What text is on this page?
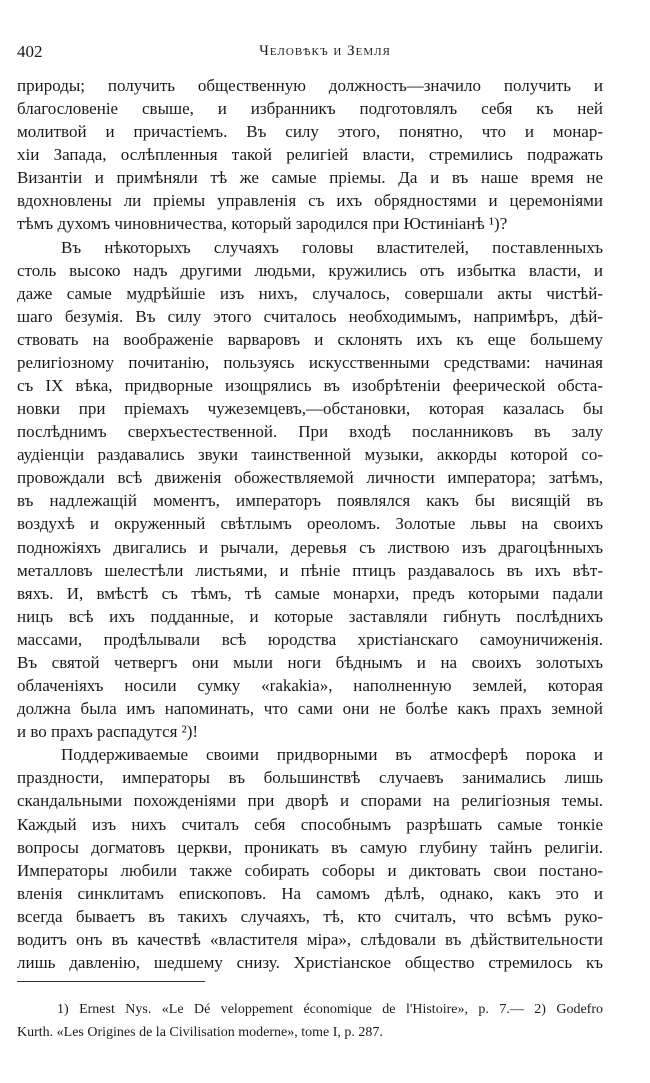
402	Человѣкъ и Земля
природы; получить общественную должность—значило получить и
благословеніе свыше, и избранникъ подготовлялъ себя къ ней
молитвой и причастіемъ. Въ силу этого, понятно, что и монар-
хіи Запада, ослѣпленныя такой религіей власти, стремились подражать
Византіи и примѣняли тѣ же самые пріемы. Да и въ наше время не
вдохновлены ли пріемы управленія съ ихъ обрядностями и церемоніями
тѣмъ духомъ чиновничества, который зародился при Юстиніанѣ ¹)?
Въ нѣкоторыхъ случаяхъ головы властителей, поставленныхъ
столь высоко надъ другими людьми, кружились отъ избытка власти, и
даже самые мудрѣйшіе изъ нихъ, случалось, совершали акты чистѣй-
шаго безумія. Въ силу этого считалось необходимымъ, напримѣръ, дѣй-
ствовать на воображеніе варваровъ и склонять ихъ къ еще большему
религіозному почитанію, пользуясь искусственными средствами: начиная
съ IX вѣка, придворные изощрялись въ изобрѣтеніи феерической обста-
новки при пріемахъ чужеземцевъ,—обстановки, которая казалась бы
послѣднимъ сверхъестественной. При входѣ посланниковъ въ залу
аудіенціи раздавались звуки таинственной музыки, аккорды которой со-
провождали всѣ движенія обожествляемой личности императора; затѣмъ,
въ надлежащій моментъ, императоръ появлялся какъ бы висящій въ
воздухѣ и окруженный свѣтлымъ ореоломъ. Золотые львы на своихъ
подножіяхъ двигались и рычали, деревья съ листвою изъ драгоцѣнныхъ
металловъ шелестѣли листьями, и пѣніе птицъ раздавалось въ ихъ вѣт-
вяхъ. И, вмѣстѣ съ тѣмъ, тѣ самые монархи, предъ которыми падали
ницъ всѣ ихъ подданные, и которые заставляли гибнуть послѣднихъ
массами, продѣлывали всѣ юродства христіанскаго самоуничиженія.
Въ святой четвергъ они мыли ноги бѣднымъ и на своихъ золотыхъ
облаченіяхъ носили сумку «rakakia», наполненную землей, которая
должна была имъ напоминать, что сами они не болѣе какъ прахъ земной
и во прахъ распадутся ²)!
Поддерживаемые своими придворными въ атмосферѣ порока и
праздности, императоры въ большинствѣ случаевъ занимались лишь
скандальными похожденіями при дворѣ и спорами на религіозныя темы.
Каждый изъ нихъ считалъ себя способнымъ разрѣшать самые тонкіе
вопросы догматовъ церкви, проникать въ самую глубину тайнъ религіи.
Императоры любили также собирать соборы и диктовать свои постано-
вленія синклитамъ епископовъ. На самомъ дѣлѣ, однако, какъ это и
всегда бываетъ въ такихъ случаяхъ, тѣ, кто считалъ, что всѣмъ руко-
водитъ онъ въ качествѣ «властителя міра», слѣдовали въ дѣйствительности
лишь давленію, шедшему снизу. Христіанское общество стремилось къ
1) Ernest Nys. «Le Dé veloppement économique de l'Histoire», p. 7.— 2) Godefro
Kurth. «Les Origines de la Civilisation moderne», tome I, p. 287.
